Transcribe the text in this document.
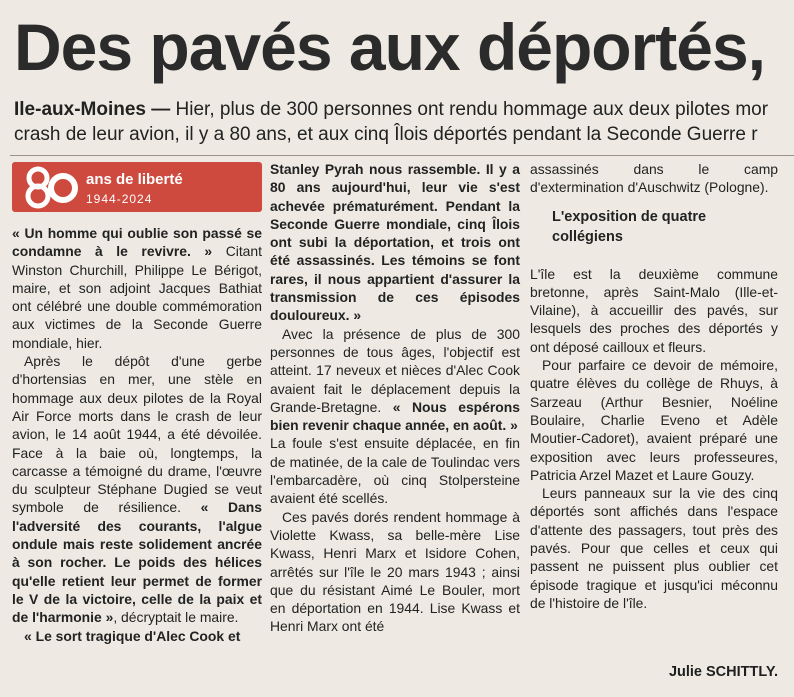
Des pavés aux déportés,
Ile-aux-Moines — Hier, plus de 300 personnes ont rendu hommage aux deux pilotes mor
crash de leur avion, il y a 80 ans, et aux cinq Îlois déportés pendant la Seconde Guerre r
80
ans de liberté
1944-2024

« Un homme qui oublie son passé se condamne à le revivre. » Citant Winston Churchill, Philippe Le Bérigot, maire, et son adjoint Jacques Bathiat ont célébré une double commémoration aux victimes de la Seconde Guerre mondiale, hier.

Après le dépôt d'une gerbe d'hortensias en mer, une stèle en hommage aux deux pilotes de la Royal Air Force morts dans le crash de leur avion, le 14 août 1944, a été dévoilée. Face à la baie où, longtemps, la carcasse a témoigné du drame, l'œuvre du sculpteur Stéphane Dugied se veut symbole de résilience. « Dans l'adversité des courants, l'algue ondule mais reste solidement ancrée à son rocher. Le poids des hélices qu'elle retient leur permet de former le V de la victoire, celle de la paix et de l'harmonie », décryptait le maire.

« Le sort tragique d'Alec Cook et

Stanley Pyrah nous rassemble. Il y a 80 ans aujourd'hui, leur vie s'est achevée prématurément. Pendant la Seconde Guerre mondiale, cinq Îlois ont subi la déportation, et trois ont été assassinés. Les témoins se font rares, il nous appartient d'assurer la transmission de ces épisodes douloureux. »

Avec la présence de plus de 300 personnes de tous âges, l'objectif est atteint. 17 neveux et nièces d'Alec Cook avaient fait le déplacement depuis la Grande-Bretagne. « Nous espérons bien revenir chaque année, en août. »

La foule s'est ensuite déplacée, en fin de matinée, de la cale de Toulindac vers l'embarcadère, où cinq Stolpersteine avaient été scellés.

Ces pavés dorés rendent hommage à Violette Kwass, sa belle-mère Lise Kwass, Henri Marx et Isidore Cohen, arrêtés sur l'île le 20 mars 1943 ; ainsi que du résistant Aimé Le Bouler, mort en déportation en 1944. Lise Kwass et Henri Marx ont été

assassinés dans le camp d'extermination d'Auschwitz (Pologne).

L'exposition de quatre collégiens

L'île est la deuxième commune bretonne, après Saint-Malo (Ille-et-Vilaine), à accueillir des pavés, sur lesquels des proches des déportés y ont déposé cailloux et fleurs.

Pour parfaire ce devoir de mémoire, quatre élèves du collège de Rhuys, à Sarzeau (Arthur Besnier, Noéline Boulaire, Charlie Eveno et Adèle Moutier-Cadoret), avaient préparé une exposition avec leurs professeures, Patricia Arzel Mazet et Laure Gouzy.

Leurs panneaux sur la vie des cinq déportés sont affichés dans l'espace d'attente des passagers, tout près des pavés. Pour que celles et ceux qui passent ne puissent plus oublier cet épisode tragique et jusqu'ici méconnu de l'histoire de l'île.

Julie SCHITTLY.
